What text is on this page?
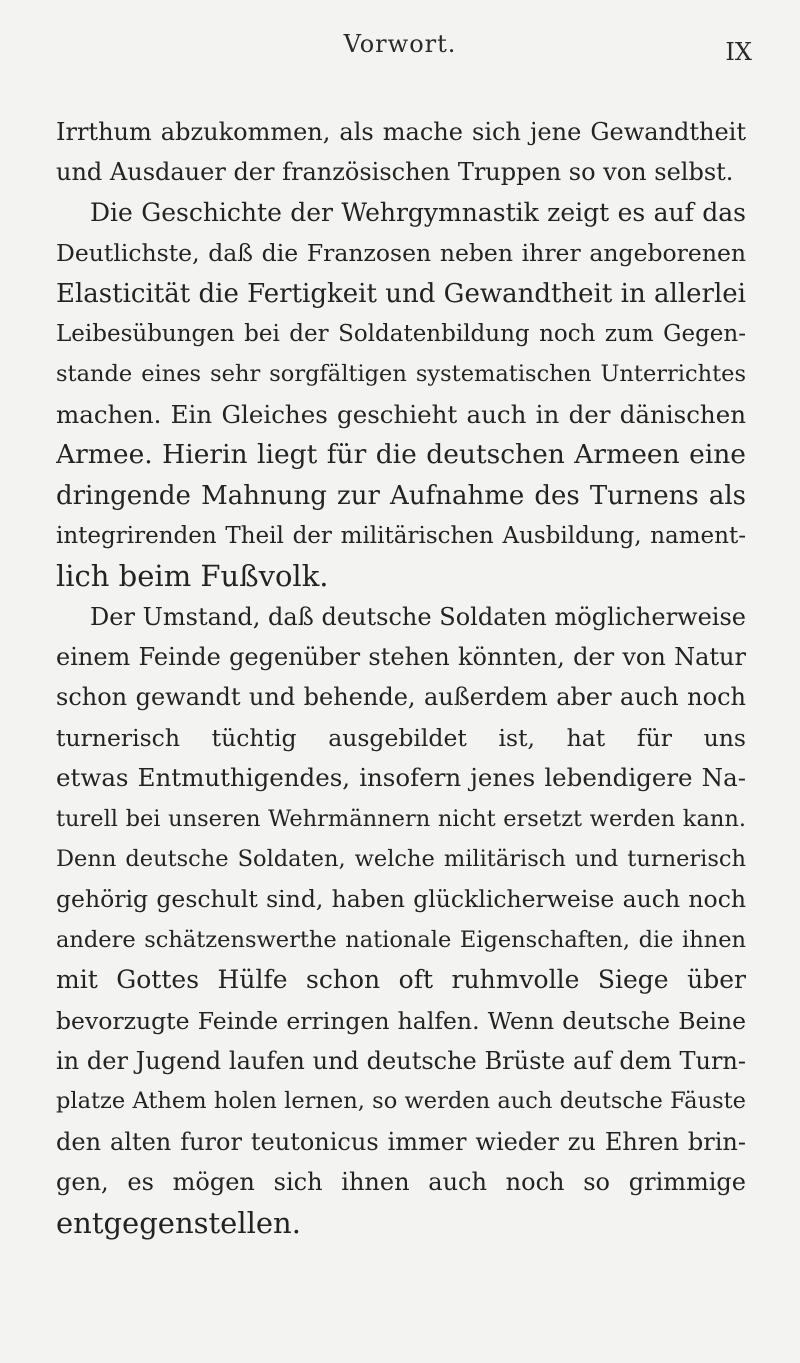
Vorwort.	IX
Irrthum abzukommen, als mache sich jene Gewandtheit
und Ausdauer der französischen Truppen so von selbst.
Die Geschichte der Wehrgymnastik zeigt es auf das
Deutlichste, daß die Franzosen neben ihrer angeborenen
Elasticität die Fertigkeit und Gewandtheit in allerlei
Leibesübungen bei der Soldatenbildung noch zum Gegen-
stande eines sehr sorgfältigen systematischen Unterrichtes
machen. Ein Gleiches geschieht auch in der dänischen
Armee. Hierin liegt für die deutschen Armeen eine
dringende Mahnung zur Aufnahme des Turnens als
integrirenden Theil der militärischen Ausbildung, nament-
lich beim Fußvolk.
Der Umstand, daß deutsche Soldaten möglicherweise
einem Feinde gegenüber stehen könnten, der von Natur
schon gewandt und behende, außerdem aber auch noch
turnerisch tüchtig ausgebildet ist, hat für uns
etwas Entmuthigendes, insofern jenes lebendigere Na-
turell bei unseren Wehrmännern nicht ersetzt werden kann.
Denn deutsche Soldaten, welche militärisch und turnerisch
gehörig geschult sind, haben glücklicherweise auch noch
andere schätzenswerthe nationale Eigenschaften, die ihnen
mit Gottes Hülfe schon oft ruhmvolle Siege über
bevorzugte Feinde erringen halfen. Wenn deutsche Beine
in der Jugend laufen und deutsche Brüste auf dem Turn-
platze Athem holen lernen, so werden auch deutsche Fäuste
den alten furor teutonicus immer wieder zu Ehren brin-
gen, es mögen sich ihnen auch noch so grimmige
entgegenstellen.
